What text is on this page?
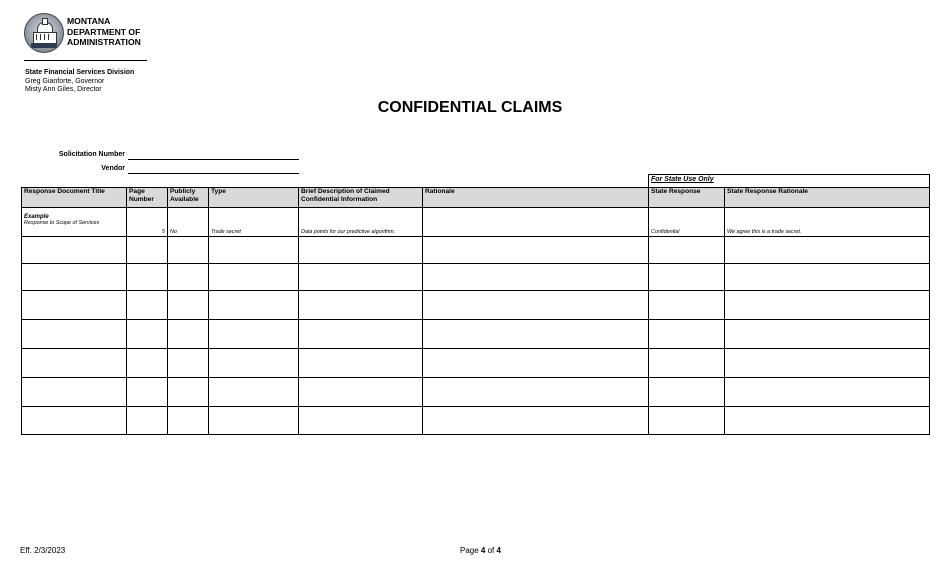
MONTANA
DEPARTMENT OF
ADMINISTRATION
State Financial Services Division
Greg Gianforte, Governor
Misty Ann Giles, Director
CONFIDENTIAL CLAIMS
Solicitation Number
Vendor
For State Use Only
Response Document Title	Page Number	Publicly Available	Type	Brief Description of Claimed Confidential Information	Rationale	State Response	State Response Rationale

Example
Response to Scope of Services	5	No	Trade secret	Data points for our predictive algorithm.		Confidential	We agree this is a trade secret.

Eff. 2/3/2023	Page 4 of 4
